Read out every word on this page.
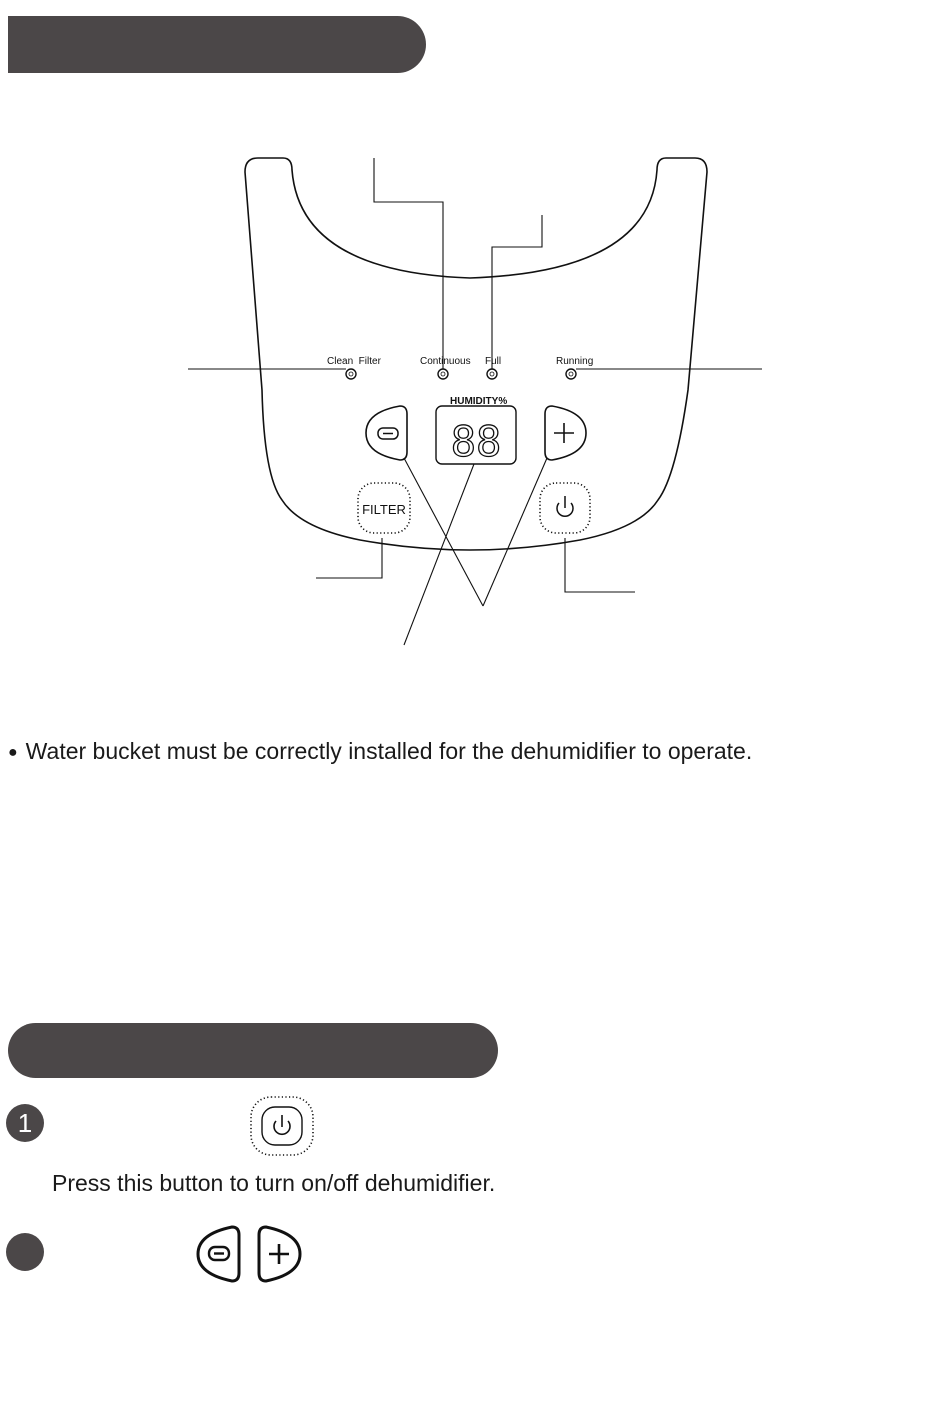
Clean  Filter	Continuous Full	Running
HUMIDITY%
88
FILTER
● Water bucket must be correctly installed for the dehumidifier to operate.
1
Press this button to turn on/off dehumidifier.
